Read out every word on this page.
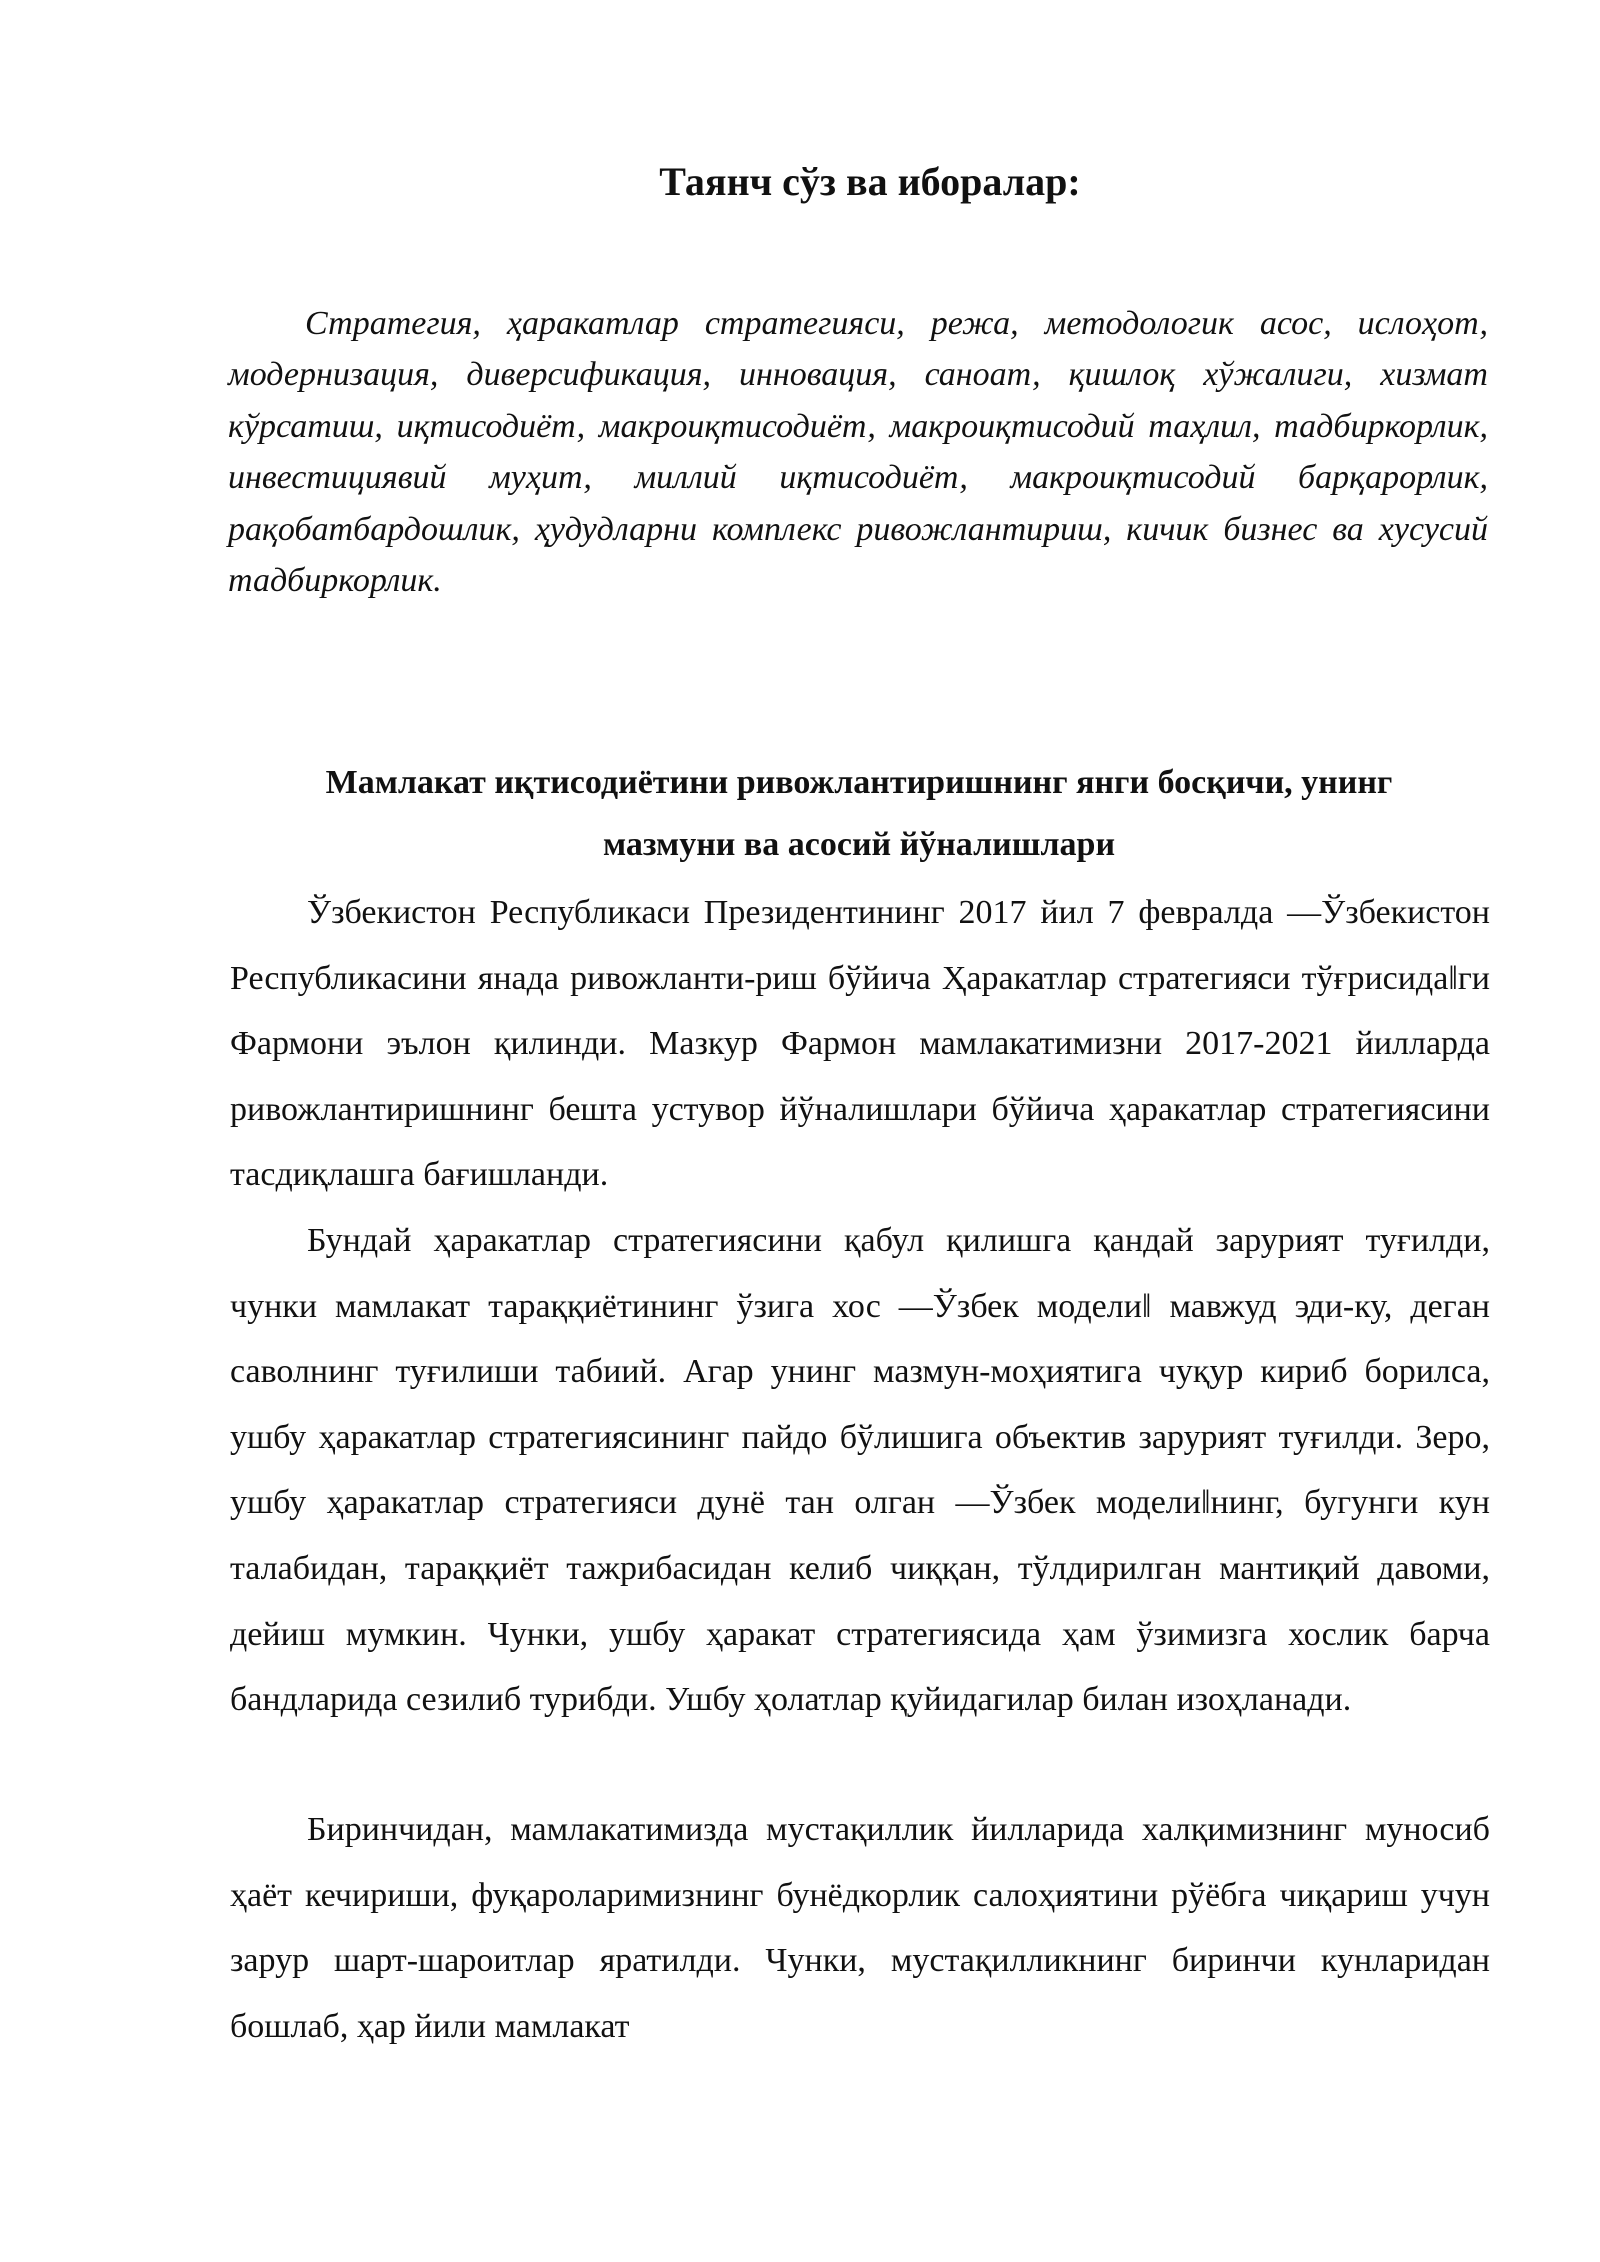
Таянч сўз ва иборалар:

Стратегия, ҳаракатлар стратегияси, режа, методологик асос, ислоҳот, модернизация, диверсификация, инновация, саноат, қишлоқ хўжалиги, хизмат кўрсатиш, иқтисодиёт, макроиқтисодиёт, макроиқтисодий таҳлил, тадбиркорлик, инвестициявий муҳит, миллий иқтисодиёт, макроиқтисодий барқарорлик, рақобатбардошлик, ҳудудларни комплекс ривожлантириш, кичик бизнес ва хусусий тадбиркорлик.

Мамлакат иқтисодиётини ривожлантиришнинг янги босқичи, унинг
мазмуни ва асосий йўналишлари

Ўзбекистон Республикаси Президентининг 2017 йил 7 февралда ―Ўзбекистон Республикасини янада ривожланти-риш бўйича Ҳаракатлар стратегияси тўғрисида‖ги Фармони эълон қилинди. Мазкур Фармон мамлакатимизни 2017-2021 йилларда ривожлантиришнинг бешта устувор йўналишлари бўйича ҳаракатлар стратегиясини тасдиқлашга бағишланди.

Бундай ҳаракатлар стратегиясини қабул қилишга қандай зарурият туғилди, чунки мамлакат тараққиётининг ўзига хос ―Ўзбек модели‖ мавжуд эди-ку, деган саволнинг туғилиши табиий. Агар унинг мазмун-моҳиятига чуқур кириб борилса, ушбу ҳаракатлар стратегиясининг пайдо бўлишига объектив зарурият туғилди. Зеро, ушбу ҳаракатлар стратегияси дунё тан олган ―Ўзбек модели‖нинг, бугунги кун талабидан, тараққиёт тажрибасидан келиб чиққан, тўлдирилган мантиқий давоми, дейиш мумкин. Чунки, ушбу ҳаракат стратегиясида ҳам ўзимизга хослик барча бандларида сезилиб турибди. Ушбу ҳолатлар қуйидагилар билан изоҳланади.

Биринчидан, мамлакатимизда мустақиллик йилларида халқимизнинг муносиб ҳаёт кечириши, фуқароларимизнинг бунёдкорлик салоҳиятини рўёбга чиқариш учун зарур шарт-шароитлар яратилди. Чунки, мустақилликнинг биринчи кунларидан бошлаб, ҳар йили мамлакат
